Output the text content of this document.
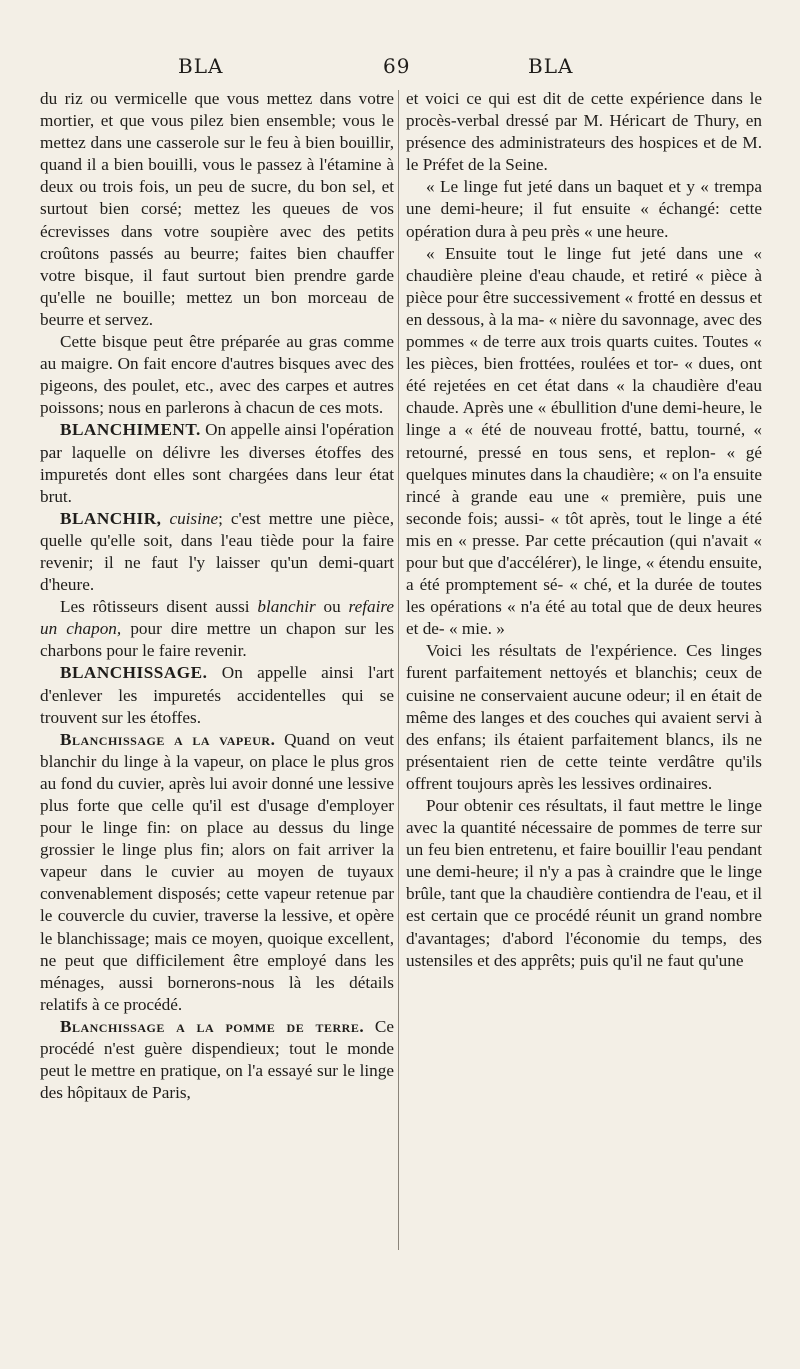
BLA	69	BLA

du riz ou vermicelle que vous mettez dans votre mortier, et que vous pilez bien ensemble; vous le mettez dans une casserole sur le feu à bien bouillir, quand il a bien bouilli, vous le passez à l'étamine à deux ou trois fois, un peu de sucre, du bon sel, et surtout bien corsé; mettez les queues de vos écrevisses dans votre soupière avec des petits croûtons passés au beurre; faites bien chauffer votre bisque, il faut surtout bien prendre garde qu'elle ne bouille; mettez un bon morceau de beurre et servez.

Cette bisque peut être préparée au gras comme au maigre. On fait encore d'autres bisques avec des pigeons, des poulet, etc., avec des carpes et autres poissons; nous en parlerons à chacun de ces mots.

BLANCHIMENT. On appelle ainsi l'opération par laquelle on délivre les diverses étoffes des impuretés dont elles sont chargées dans leur état brut.

BLANCHIR, cuisine; c'est mettre une pièce, quelle qu'elle soit, dans l'eau tiède pour la faire revenir; il ne faut l'y laisser qu'un demi-quart d'heure.

Les rôtisseurs disent aussi blanchir ou refaire un chapon, pour dire mettre un chapon sur les charbons pour le faire revenir.

BLANCHISSAGE. On appelle ainsi l'art d'enlever les impuretés accidentelles qui se trouvent sur les étoffes.

Blanchissage a la vapeur. Quand on veut blanchir du linge à la vapeur, on place le plus gros au fond du cuvier, après lui avoir donné une lessive plus forte que celle qu'il est d'usage d'employer pour le linge fin: on place au dessus du linge grossier le linge plus fin; alors on fait arriver la vapeur dans le cuvier au moyen de tuyaux convenablement disposés; cette vapeur retenue par le couvercle du cuvier, traverse la lessive, et opère le blanchissage; mais ce moyen, quoique excellent, ne peut que difficilement être employé dans les ménages, aussi bornerons-nous là les détails relatifs à ce procédé.

Blanchissage a la pomme de terre. Ce procédé n'est guère dispendieux; tout le monde peut le mettre en pratique, on l'a essayé sur le linge des hôpitaux de Paris,

et voici ce qui est dit de cette expérience dans le procès-verbal dressé par M. Héricart de Thury, en présence des administrateurs des hospices et de M. le Préfet de la Seine.

« Le linge fut jeté dans un baquet et y « trempa une demi-heure; il fut ensuite « échangé: cette opération dura à peu près « une heure.

« Ensuite tout le linge fut jeté dans une « chaudière pleine d'eau chaude, et retiré « pièce à pièce pour être successivement « frotté en dessus et en dessous, à la ma- « nière du savonnage, avec des pommes « de terre aux trois quarts cuites. Toutes « les pièces, bien frottées, roulées et tor- « dues, ont été rejetées en cet état dans « la chaudière d'eau chaude. Après une « ébullition d'une demi-heure, le linge a « été de nouveau frotté, battu, tourné, « retourné, pressé en tous sens, et replon- « gé quelques minutes dans la chaudière; « on l'a ensuite rincé à grande eau une « première, puis une seconde fois; aussi- « tôt après, tout le linge a été mis en « presse. Par cette précaution (qui n'avait « pour but que d'accélérer), le linge, « étendu ensuite, a été promptement sé- « ché, et la durée de toutes les opérations « n'a été au total que de deux heures et de- « mie. »

Voici les résultats de l'expérience. Ces linges furent parfaitement nettoyés et blanchis; ceux de cuisine ne conservaient aucune odeur; il en était de même des langes et des couches qui avaient servi à des enfans; ils étaient parfaitement blancs, ils ne présentaient rien de cette teinte verdâtre qu'ils offrent toujours après les lessives ordinaires.

Pour obtenir ces résultats, il faut mettre le linge avec la quantité nécessaire de pommes de terre sur un feu bien entretenu, et faire bouillir l'eau pendant une demi-heure; il n'y a pas à craindre que le linge brûle, tant que la chaudière contiendra de l'eau, et il est certain que ce procédé réunit un grand nombre d'avantages; d'abord l'économie du temps, des ustensiles et des apprêts; puis qu'il ne faut qu'une
